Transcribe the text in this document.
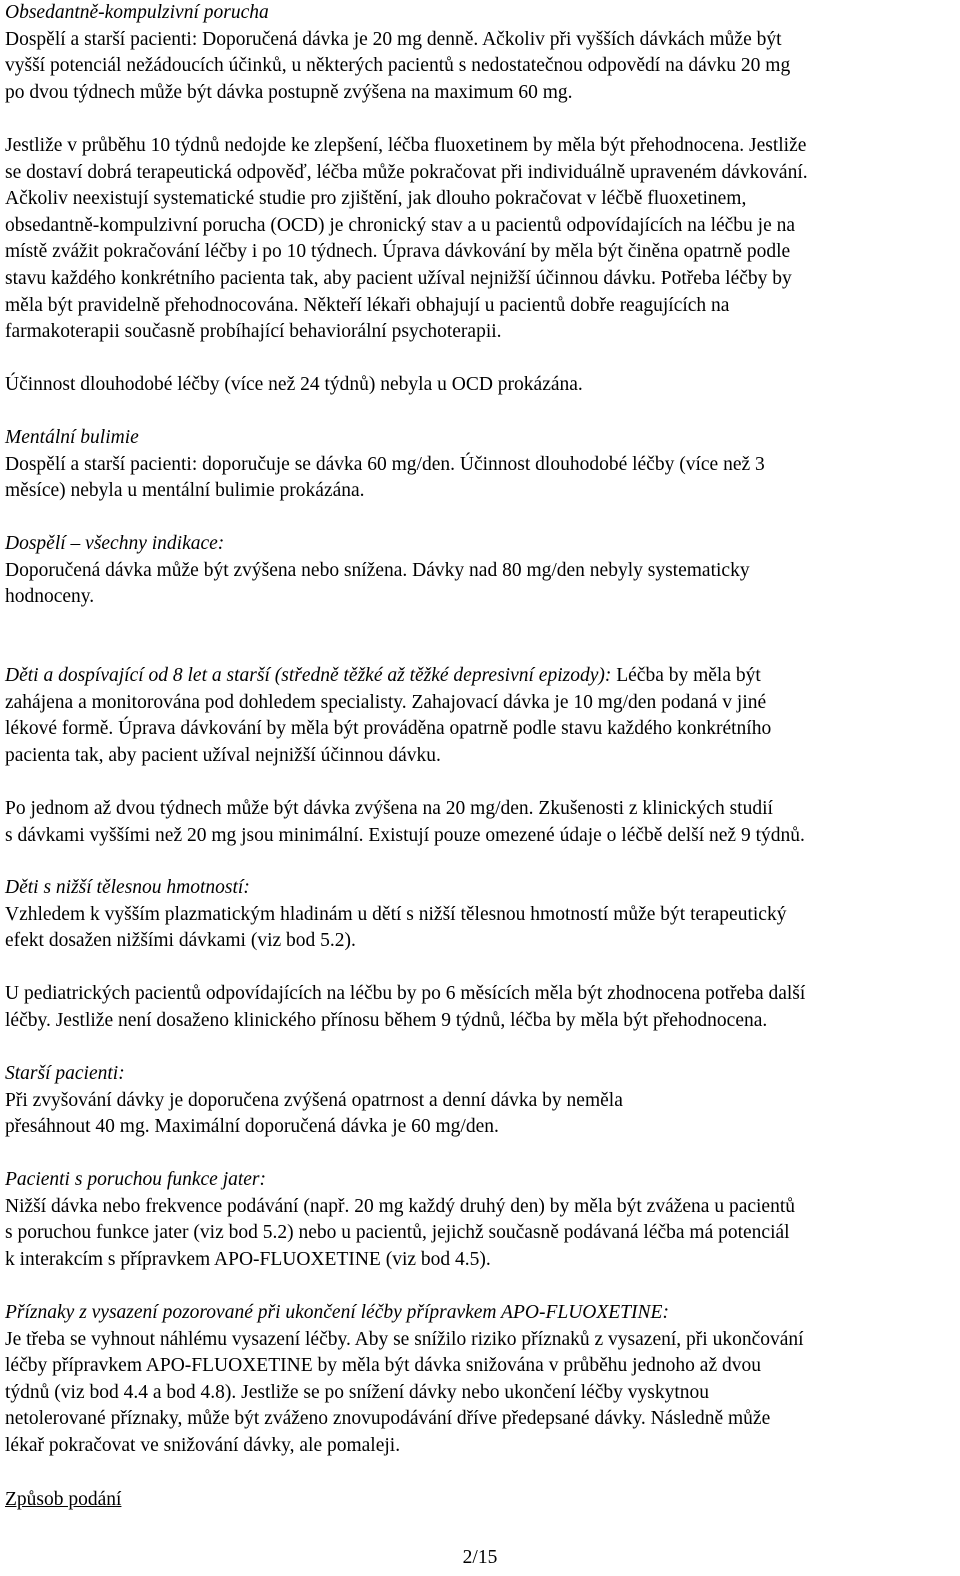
Obsedantně-kompulzivní porucha
Dospělí a starší pacienti: Doporučená dávka je 20 mg denně. Ačkoliv při vyšších dávkách může být
vyšší potenciál nežádoucích účinků, u některých pacientů s nedostatečnou odpovědí na dávku 20 mg
po dvou týdnech může být dávka postupně zvýšena na maximum 60 mg.
Jestliže v průběhu 10 týdnů nedojde ke zlepšení, léčba fluoxetinem by měla být přehodnocena. Jestliže
se dostaví dobrá terapeutická odpověď, léčba může pokračovat při individuálně upraveném dávkování.
Ačkoliv neexistují systematické studie pro zjištění, jak dlouho pokračovat v léčbě fluoxetinem,
obsedantně-kompulzivní porucha (OCD) je chronický stav a u pacientů odpovídajících na léčbu je na
místě zvážit pokračování léčby i po 10 týdnech. Úprava dávkování by měla být činěna opatrně podle
stavu každého konkrétního pacienta tak, aby pacient užíval nejnižší účinnou dávku. Potřeba léčby by
měla být pravidelně přehodnocována. Někteří lékaři obhajují u pacientů dobře reagujících na
farmakoterapii současně probíhající behaviorální psychoterapii.
Účinnost dlouhodobé léčby (více než 24 týdnů) nebyla u OCD prokázána.
Mentální bulimie
Dospělí a starší pacienti: doporučuje se dávka 60 mg/den. Účinnost dlouhodobé léčby (více než 3
měsíce) nebyla u mentální bulimie prokázána.
Dospělí – všechny indikace:
Doporučená dávka může být zvýšena nebo snížena. Dávky nad 80 mg/den nebyly systematicky
hodnoceny.
Děti a dospívající od 8 let a starší (středně těžké až těžké depresivní epizody): Léčba by měla být
zahájena a monitorována pod dohledem specialisty. Zahajovací dávka je 10 mg/den podaná v jiné
lékové formě. Úprava dávkování by měla být prováděna opatrně podle stavu každého konkrétního
pacienta tak, aby pacient užíval nejnižší účinnou dávku.
Po jednom až dvou týdnech může být dávka zvýšena na 20 mg/den. Zkušenosti z klinických studií
s dávkami vyššími než 20 mg jsou minimální. Existují pouze omezené údaje o léčbě delší než 9 týdnů.
Děti s nižší tělesnou hmotností:
Vzhledem k vyšším plazmatickým hladinám u dětí s nižší tělesnou hmotností může být terapeutický
efekt dosažen nižšími dávkami (viz bod 5.2).
U pediatrických pacientů odpovídajících na léčbu by po 6 měsících měla být zhodnocena potřeba další
léčby. Jestliže není dosaženo klinického přínosu během 9 týdnů, léčba by měla být přehodnocena.
Starší pacienti:
Při zvyšování dávky je doporučena zvýšená opatrnost a denní dávka by neměla
přesáhnout 40 mg. Maximální doporučená dávka je 60 mg/den.
Pacienti s poruchou funkce jater:
Nižší dávka nebo frekvence podávání (např. 20 mg každý druhý den) by měla být zvážena u pacientů
s poruchou funkce jater (viz bod 5.2) nebo u pacientů, jejichž současně podávaná léčba má potenciál
k interakcím s přípravkem APO-FLUOXETINE (viz bod 4.5).
Příznaky z vysazení pozorované při ukončení léčby přípravkem APO-FLUOXETINE:
Je třeba se vyhnout náhlému vysazení léčby. Aby se snížilo riziko příznaků z vysazení, při ukončování
léčby přípravkem APO-FLUOXETINE by měla být dávka snižována v průběhu jednoho až dvou
týdnů (viz bod 4.4 a bod 4.8). Jestliže se po snížení dávky nebo ukončení léčby vyskytnou
netolerované příznaky, může být zváženo znovupodávání dříve předepsané dávky. Následně může
lékař pokračovat ve snižování dávky, ale pomaleji.
Způsob podání
2/15
